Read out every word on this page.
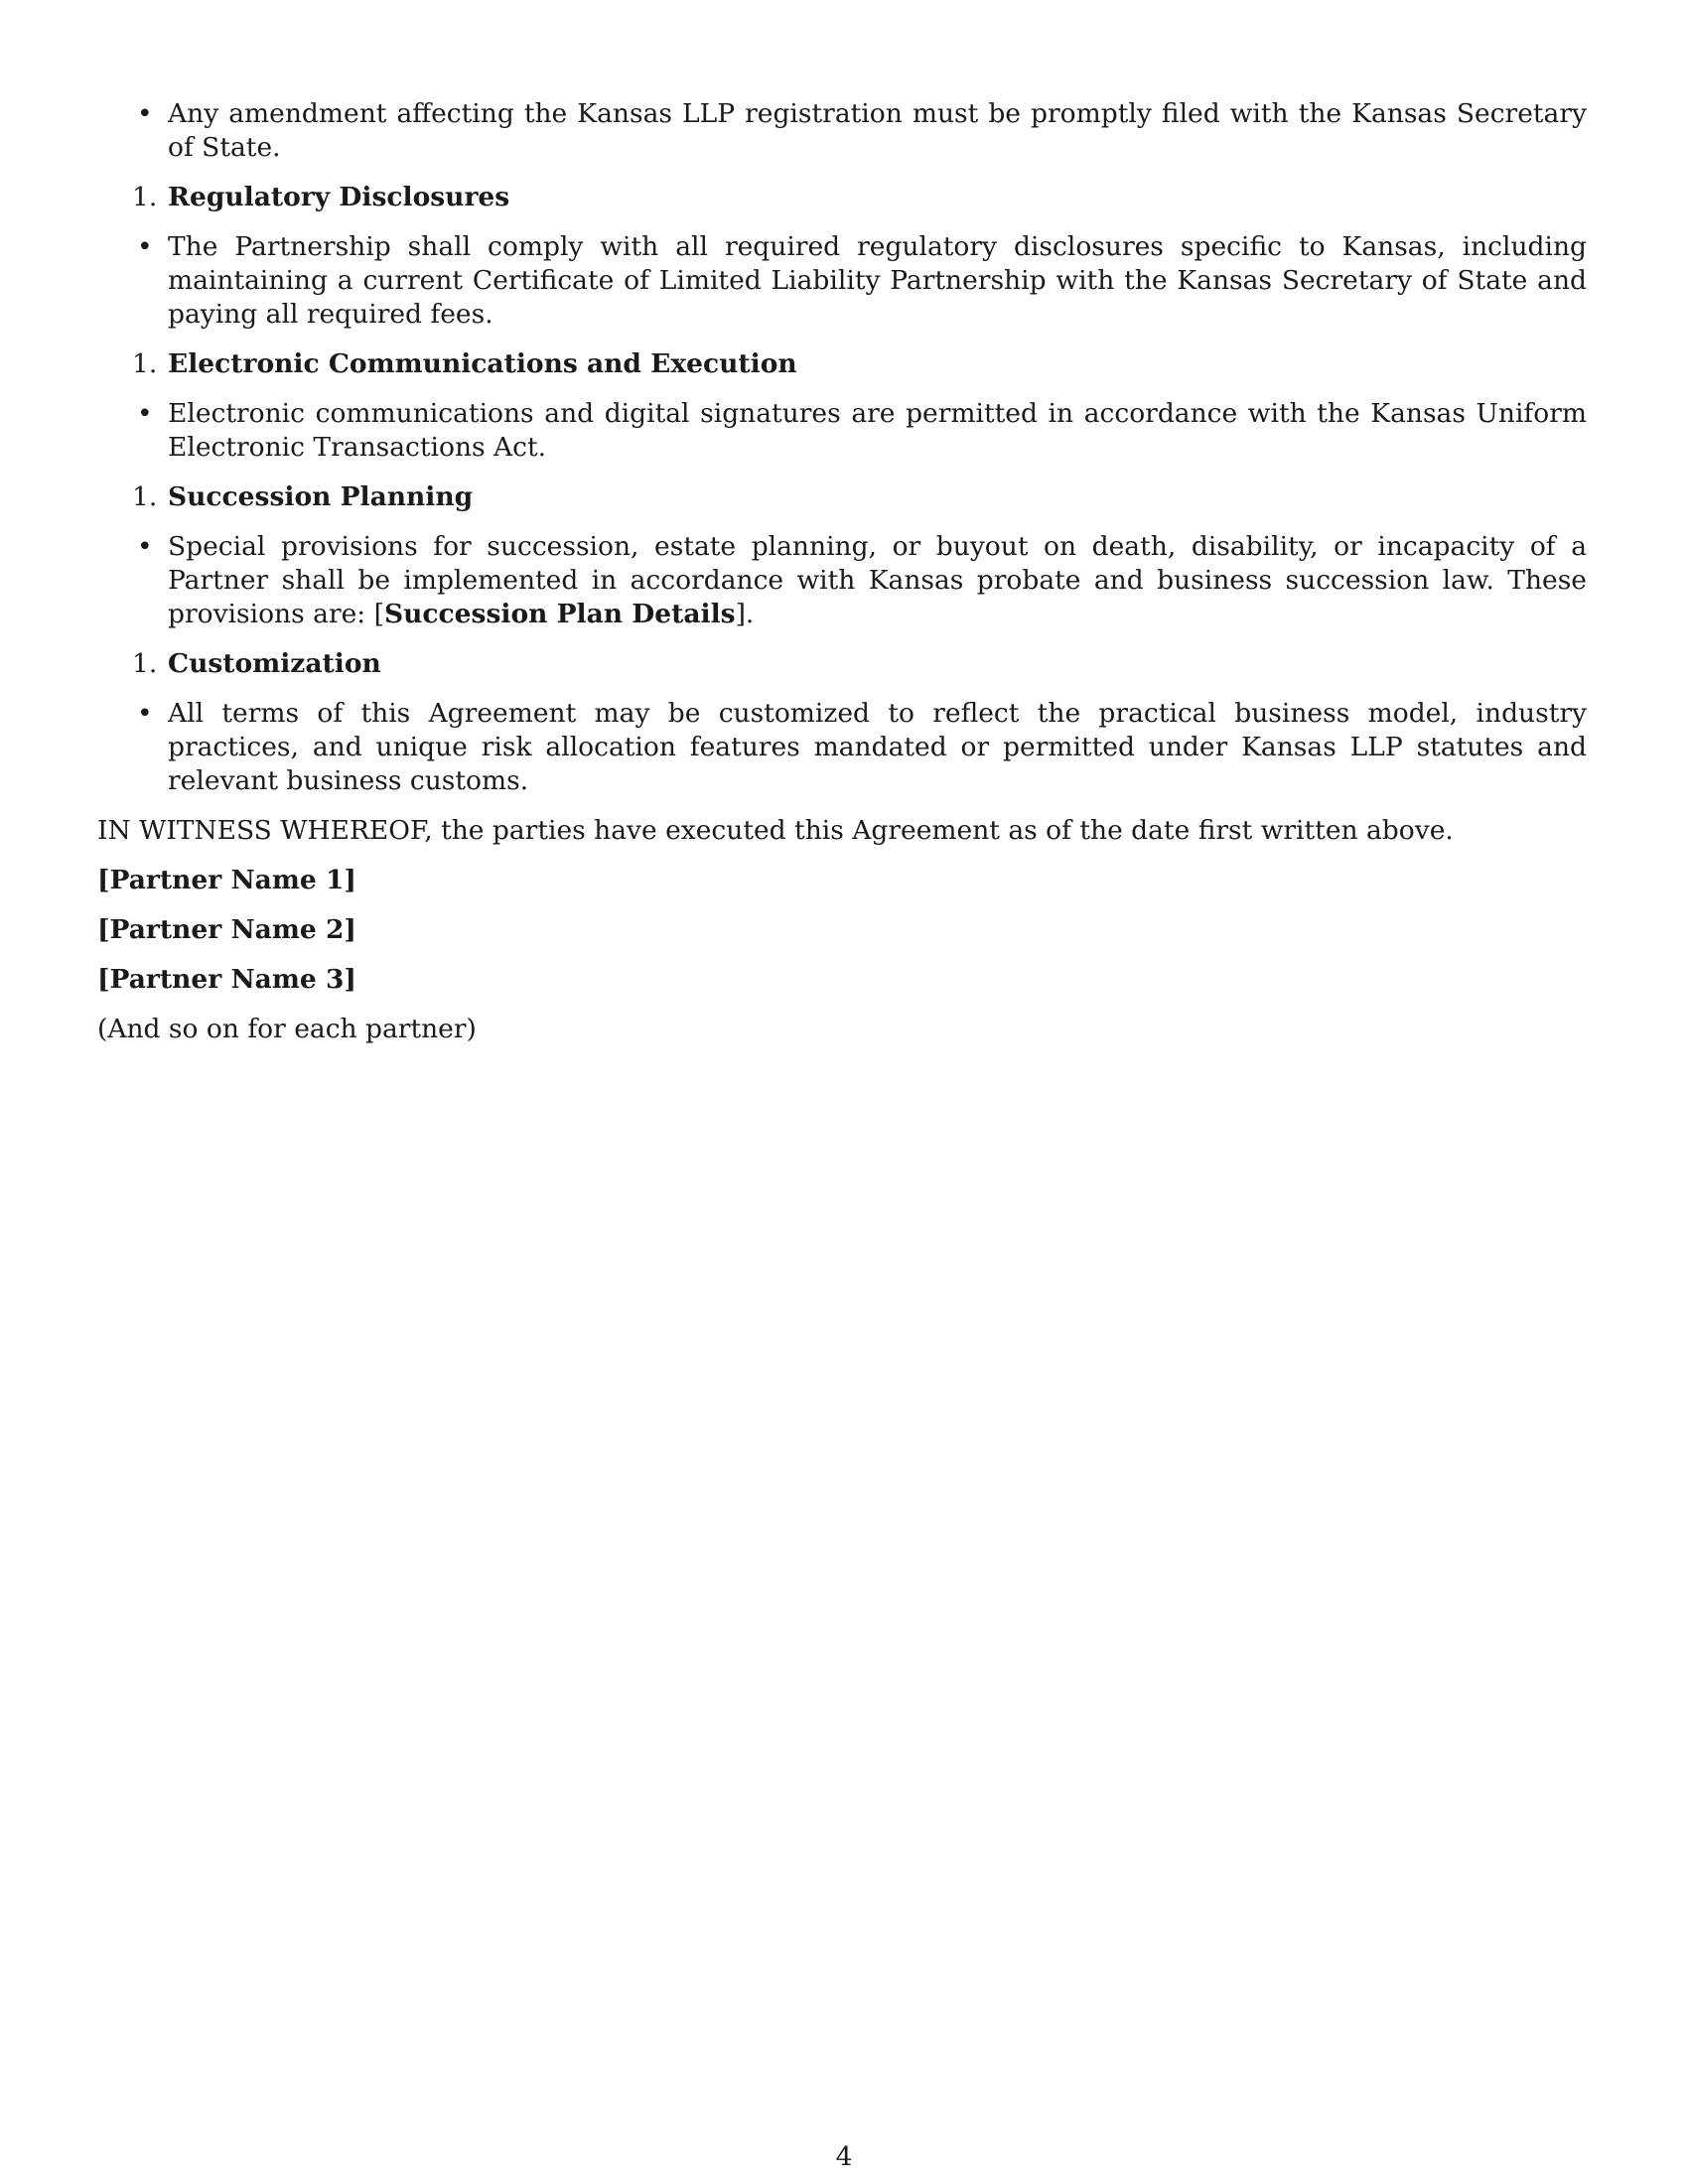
• Any amendment affecting the Kansas LLP registration must be promptly filed with the Kansas Secretary of State.

1. Regulatory Disclosures

• The Partnership shall comply with all required regulatory disclosures specific to Kansas, including maintaining a current Certificate of Limited Liability Partnership with the Kansas Secretary of State and paying all required fees.

1. Electronic Communications and Execution

• Electronic communications and digital signatures are permitted in accordance with the Kansas Uniform Electronic Transactions Act.

1. Succession Planning

• Special provisions for succession, estate planning, or buyout on death, disability, or incapacity of a Partner shall be implemented in accordance with Kansas probate and business succession law. These provisions are: [Succession Plan Details].

1. Customization

• All terms of this Agreement may be customized to reflect the practical business model, industry practices, and unique risk allocation features mandated or permitted under Kansas LLP statutes and relevant business customs.

IN WITNESS WHEREOF, the parties have executed this Agreement as of the date first written above.

[Partner Name 1]

[Partner Name 2]

[Partner Name 3]

(And so on for each partner)

4
